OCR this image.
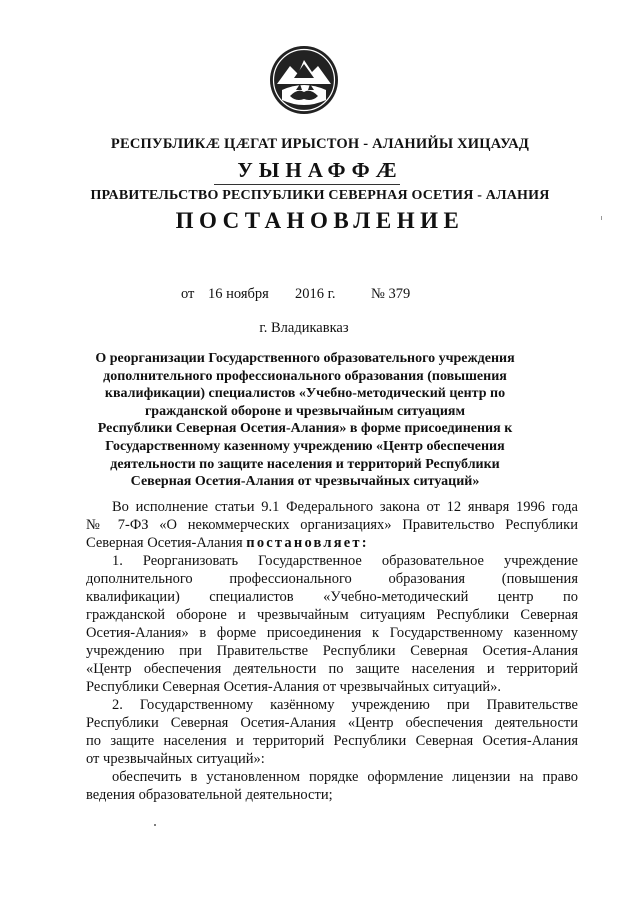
РЕСПУБЛИКӔ ЦӔГАТ ИРЫСТОН - АЛАНИЙЫ ХИЦАУАД
УЫНАФФӔ
ПРАВИТЕЛЬСТВО РЕСПУБЛИКИ СЕВЕРНАЯ ОСЕТИЯ - АЛАНИЯ
ПОСТАНОВЛЕНИЕ
от 16 ноября 2016 г. № 379
г. Владикавказ
О реорганизации Государственного образовательного учреждения
дополнительного профессионального образования (повышения
квалификации) специалистов «Учебно-методический центр по
гражданской обороне и чрезвычайным ситуациям
Республики Северная Осетия-Алания» в форме присоединения к
Государственному казенному учреждению «Центр обеспечения
деятельности по защите населения и территорий Республики
Северная Осетия-Алания от чрезвычайных ситуаций»
Во исполнение статьи 9.1 Федерального закона от 12 января 1996 года
№ 7-ФЗ «О некоммерческих организациях» Правительство Республики
Северная Осетия-Алания постановляет:
1. Реорганизовать Государственное образовательное учреждение
дополнительного профессионального образования (повышения
квалификации) специалистов «Учебно-методический центр по
гражданской обороне и чрезвычайным ситуациям Республики Северная
Осетия-Алания» в форме присоединения к Государственному казенному
учреждению при Правительстве Республики Северная Осетия-Алания
«Центр обеспечения деятельности по защите населения и территорий
Республики Северная Осетия-Алания от чрезвычайных ситуаций».
2. Государственному казённому учреждению при Правительстве
Республики Северная Осетия-Алания «Центр обеспечения деятельности
по защите населения и территорий Республики Северная Осетия-Алания
от чрезвычайных ситуаций»:
обеспечить в установленном порядке оформление лицензии на право
ведения образовательной деятельности;
